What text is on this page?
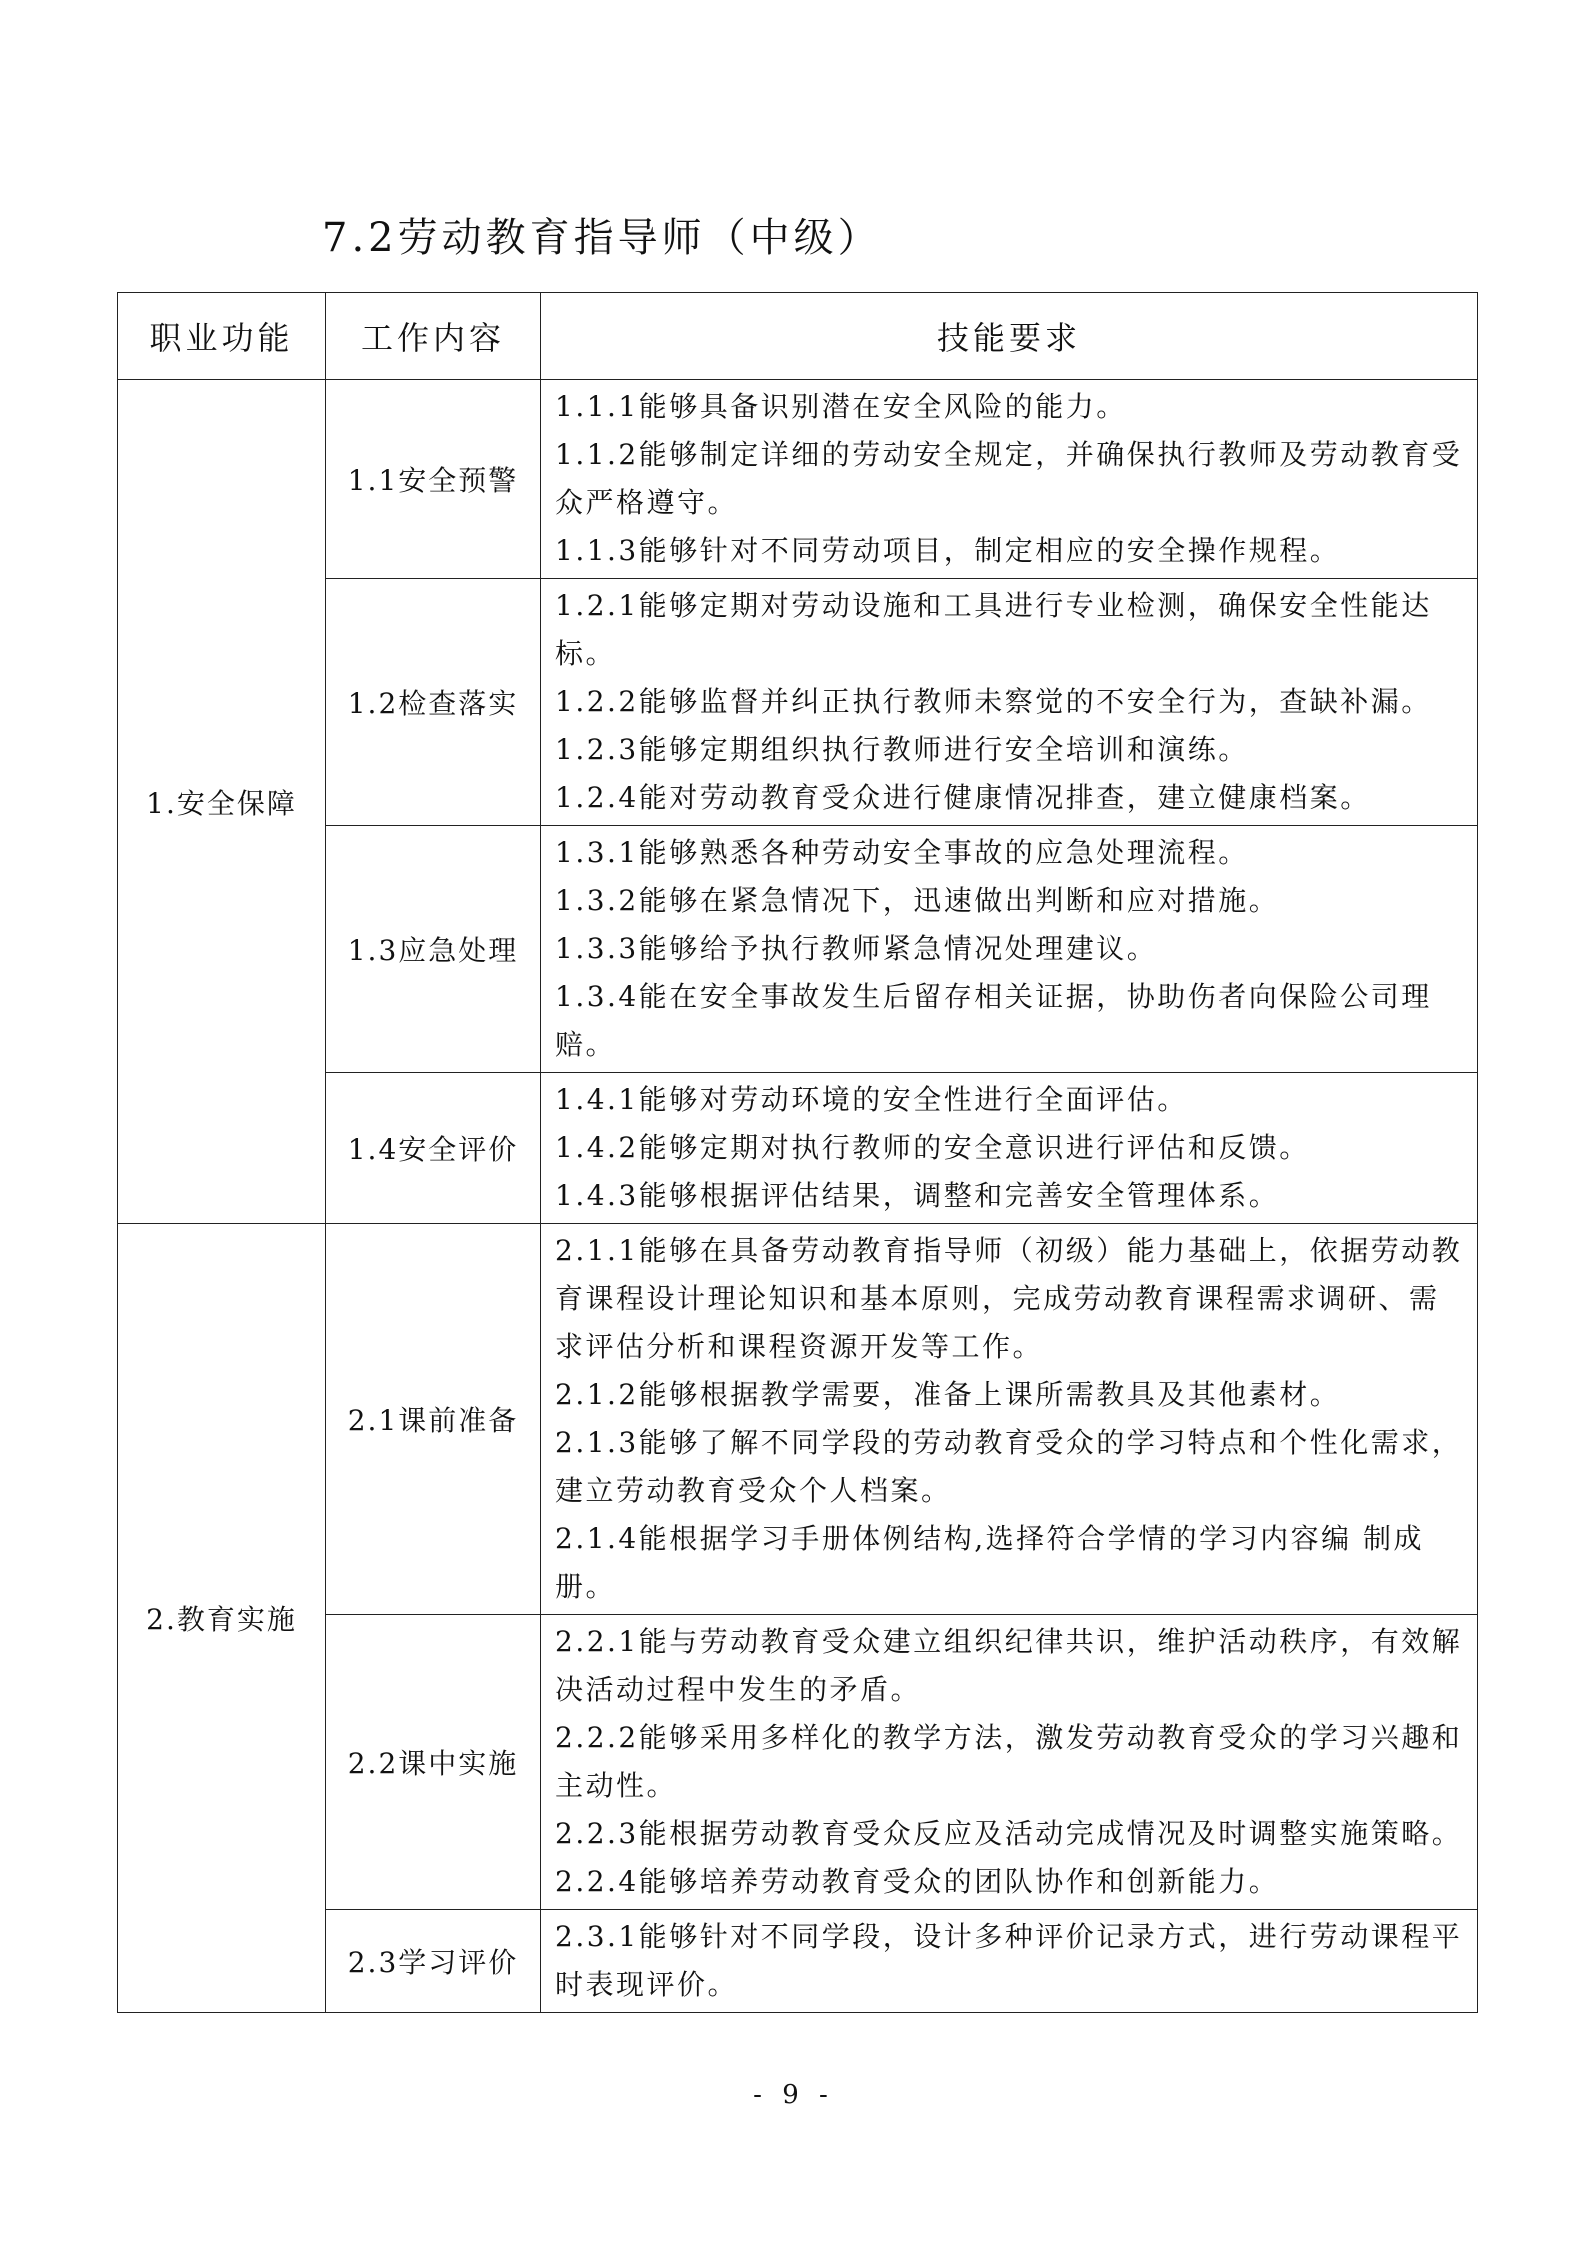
7.2劳动教育指导师（中级）
职业功能	工作内容	技能要求
1.安全保障	1.1安全预警	1.1.1能够具备识别潜在安全风险的能力。
1.1.2能够制定详细的劳动安全规定，并确保执行教师及劳动教育受众严格遵守。
1.1.3能够针对不同劳动项目，制定相应的安全操作规程。

	1.2检查落实	1.2.1能够定期对劳动设施和工具进行专业检测，确保安全性能达标。
1.2.2能够监督并纠正执行教师未察觉的不安全行为，查缺补漏。
1.2.3能够定期组织执行教师进行安全培训和演练。
1.2.4能对劳动教育受众进行健康情况排查，建立健康档案。

	1.3应急处理	1.3.1能够熟悉各种劳动安全事故的应急处理流程。
1.3.2能够在紧急情况下，迅速做出判断和应对措施。
1.3.3能够给予执行教师紧急情况处理建议。
1.3.4能在安全事故发生后留存相关证据，协助伤者向保险公司理赔。

	1.4安全评价	1.4.1能够对劳动环境的安全性进行全面评估。
1.4.2能够定期对执行教师的安全意识进行评估和反馈。
1.4.3能够根据评估结果，调整和完善安全管理体系。

2.教育实施	2.1课前准备	2.1.1能够在具备劳动教育指导师（初级）能力基础上，依据劳动教育课程设计理论知识和基本原则，完成劳动教育课程需求调研、需求评估分析和课程资源开发等工作。
2.1.2能够根据教学需要，准备上课所需教具及其他素材。
2.1.3能够了解不同学段的劳动教育受众的学习特点和个性化需求，建立劳动教育受众个人档案。
2.1.4能根据学习手册体例结构,选择符合学情的学习内容编 制成册。

	2.2课中实施	2.2.1能与劳动教育受众建立组织纪律共识，维护活动秩序，有效解决活动过程中发生的矛盾。
2.2.2能够采用多样化的教学方法，激发劳动教育受众的学习兴趣和主动性。
2.2.3能根据劳动教育受众反应及活动完成情况及时调整实施策略。
2.2.4能够培养劳动教育受众的团队协作和创新能力。

	2.3学习评价	2.3.1能够针对不同学段，设计多种评价记录方式，进行劳动课程平时表现评价。
- 9 -
